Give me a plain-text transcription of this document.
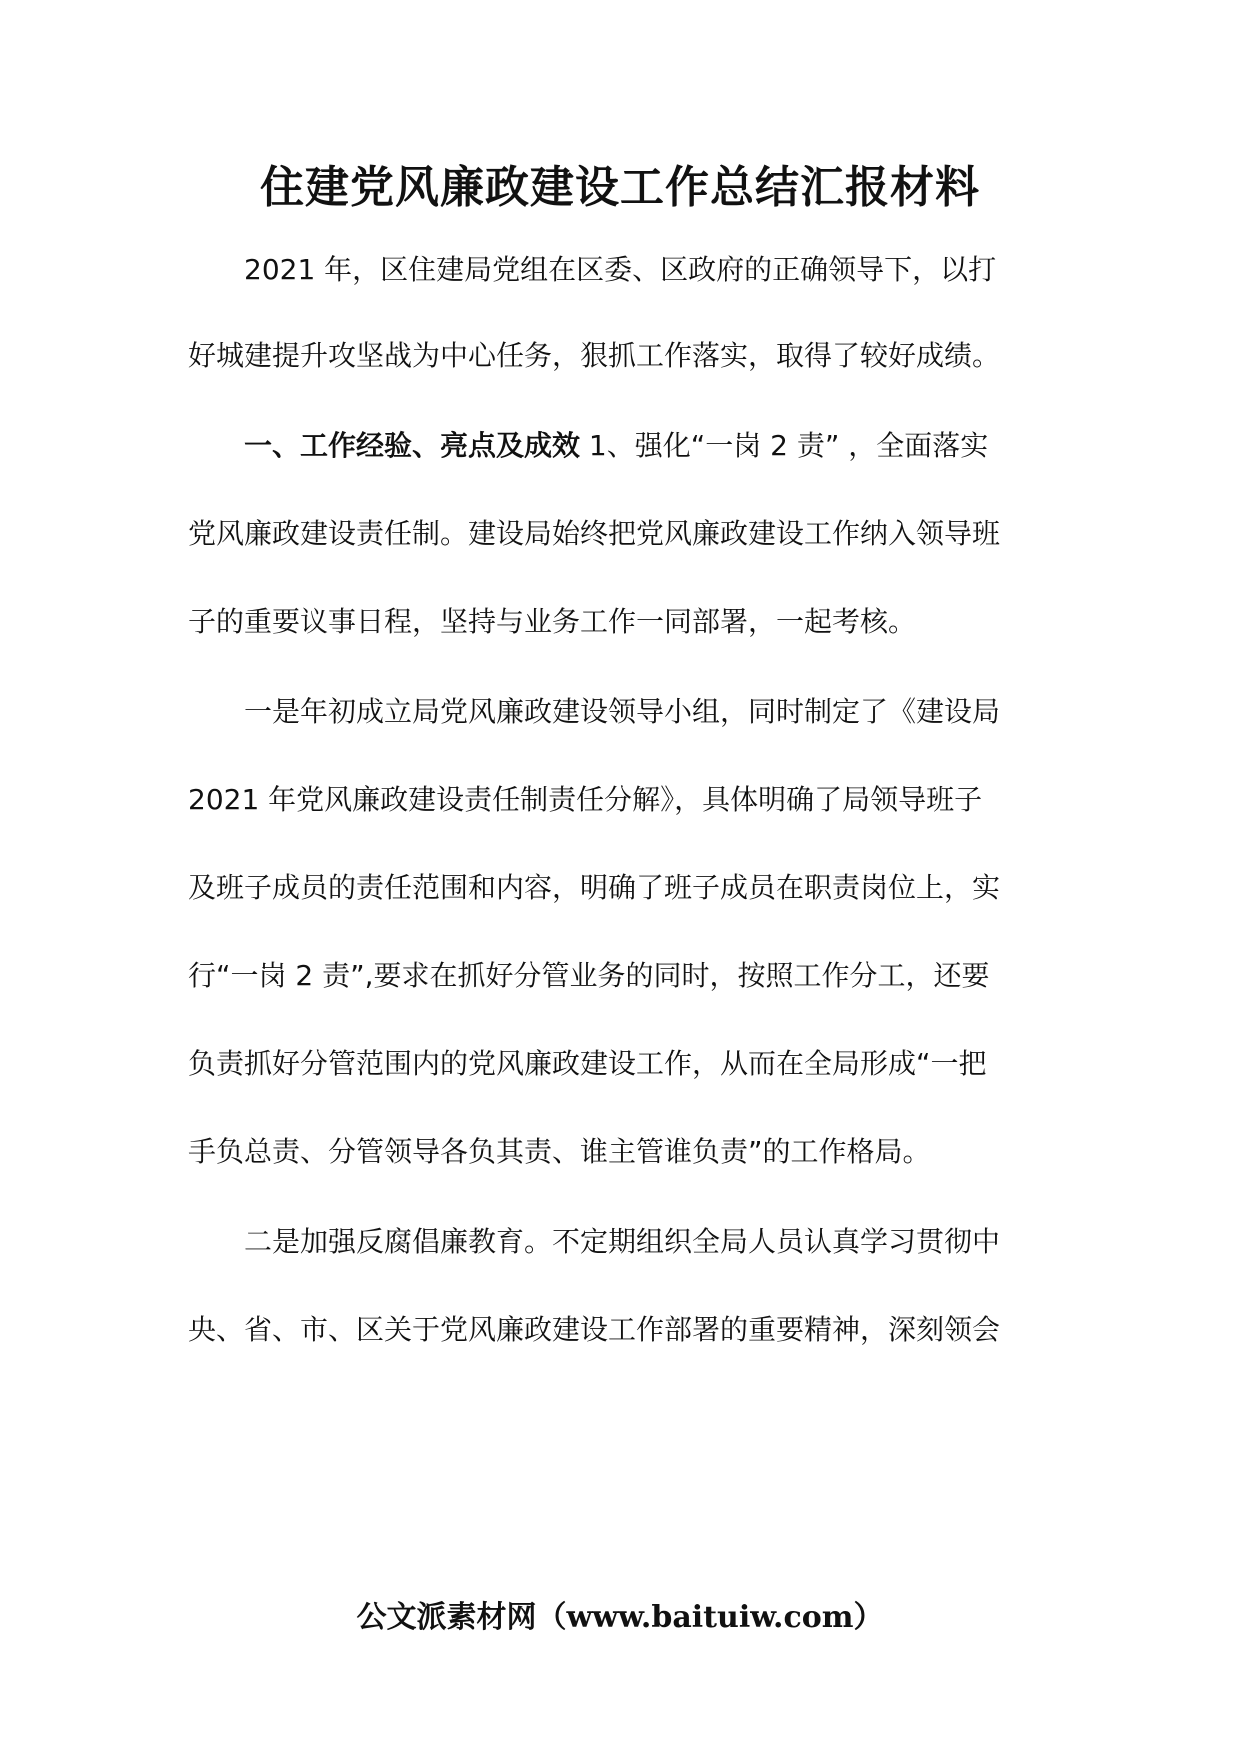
住建党风廉政建设工作总结汇报材料
2021 年，区住建局党组在区委、区政府的正确领导下，以打
好城建提升攻坚战为中心任务，狠抓工作落实，取得了较好成绩。
一、工作经验、亮点及成效 1、强化“一岗 2 责” ，全面落实
党风廉政建设责任制。建设局始终把党风廉政建设工作纳入领导班
子的重要议事日程，坚持与业务工作一同部署，一起考核。
一是年初成立局党风廉政建设领导小组，同时制定了《建设局
2021 年党风廉政建设责任制责任分解》，具体明确了局领导班子
及班子成员的责任范围和内容，明确了班子成员在职责岗位上，实
行“一岗 2 责”,要求在抓好分管业务的同时，按照工作分工，还要
负责抓好分管范围内的党风廉政建设工作，从而在全局形成“一把
手负总责、分管领导各负其责、谁主管谁负责”的工作格局。
二是加强反腐倡廉教育。不定期组织全局人员认真学习贯彻中
央、省、市、区关于党风廉政建设工作部署的重要精神，深刻领会
公文派素材网（www.baituiw.com）
